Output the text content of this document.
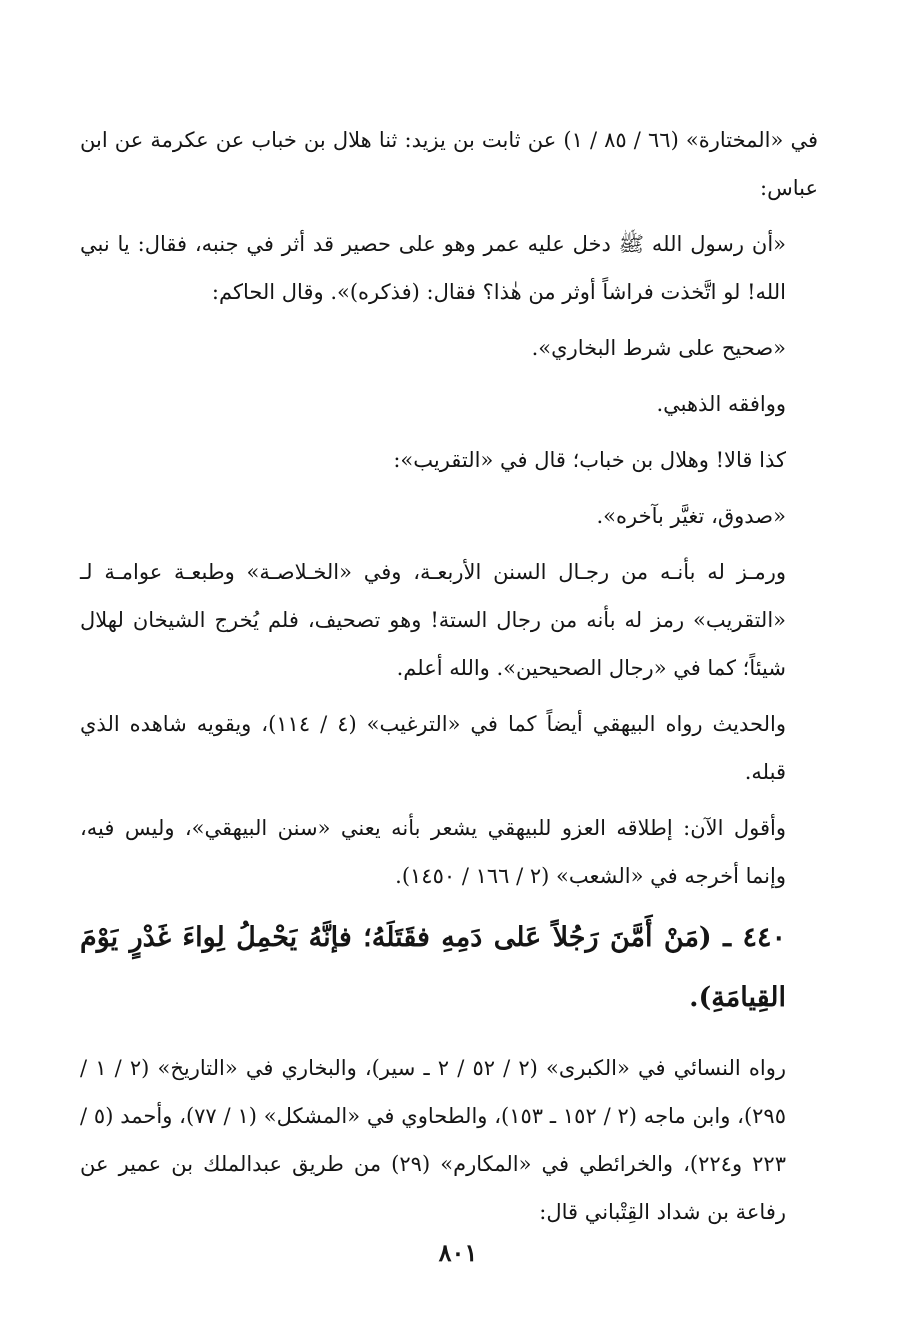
في «المختارة» (٦٦ / ٨٥ / ١) عن ثابت بن يزيد: ثنا هلال بن خباب عن عكرمة عن ابن عباس:

«أن رسول الله ﷺ دخل عليه عمر وهو على حصير قد أثر في جنبه، فقال: يا نبي الله! لو اتَّخذت فراشاً أوثر من هٰذا؟ فقال: (فذكره)». وقال الحاكم:

«صحيح على شرط البخاري».

ووافقه الذهبي.

كذا قالا! وهلال بن خباب؛ قال في «التقريب»:

«صدوق، تغيَّر بآخره».

ورمـز له بأنـه من رجـال السنن الأربعـة، وفي «الخـلاصـة» وطبعـة عوامـة لـ «التقريب» رمز له بأنه من رجال الستة! وهو تصحيف، فلم يُخرج الشيخان لهلال شيئاً؛ كما في «رجال الصحيحين». والله أعلم.

والحديث رواه البيهقي أيضاً كما في «الترغيب» (٤ / ١١٤)، ويقويه شاهده الذي قبله.

وأقول الآن: إطلاقه العزو للبيهقي يشعر بأنه يعني «سنن البيهقي»، وليس فيه، وإنما أخرجه في «الشعب» (٢ / ١٦٦ / ١٤٥٠).

٤٤٠ ـ (مَنْ أَمَّنَ رَجُلاً عَلى دَمِهِ فقَتَلَهُ؛ فإنَّهُ يَحْمِلُ لِواءَ غَدْرٍ يَوْمَ القِيامَةِ).

رواه النسائي في «الكبرى» (٢ / ٥٢ / ٢ ـ سير)، والبخاري في «التاريخ» (٢ / ١ / ٢٩٥)، وابن ماجه (٢ / ١٥٢ ـ ١٥٣)، والطحاوي في «المشكل» (١ / ٧٧)، وأحمد (٥ / ٢٢٣ و٢٢٤)، والخرائطي في «المكارم» (٢٩) من طريق عبدالملك بن عمير عن رفاعة بن شداد القِتْباني قال:

٨٠١
